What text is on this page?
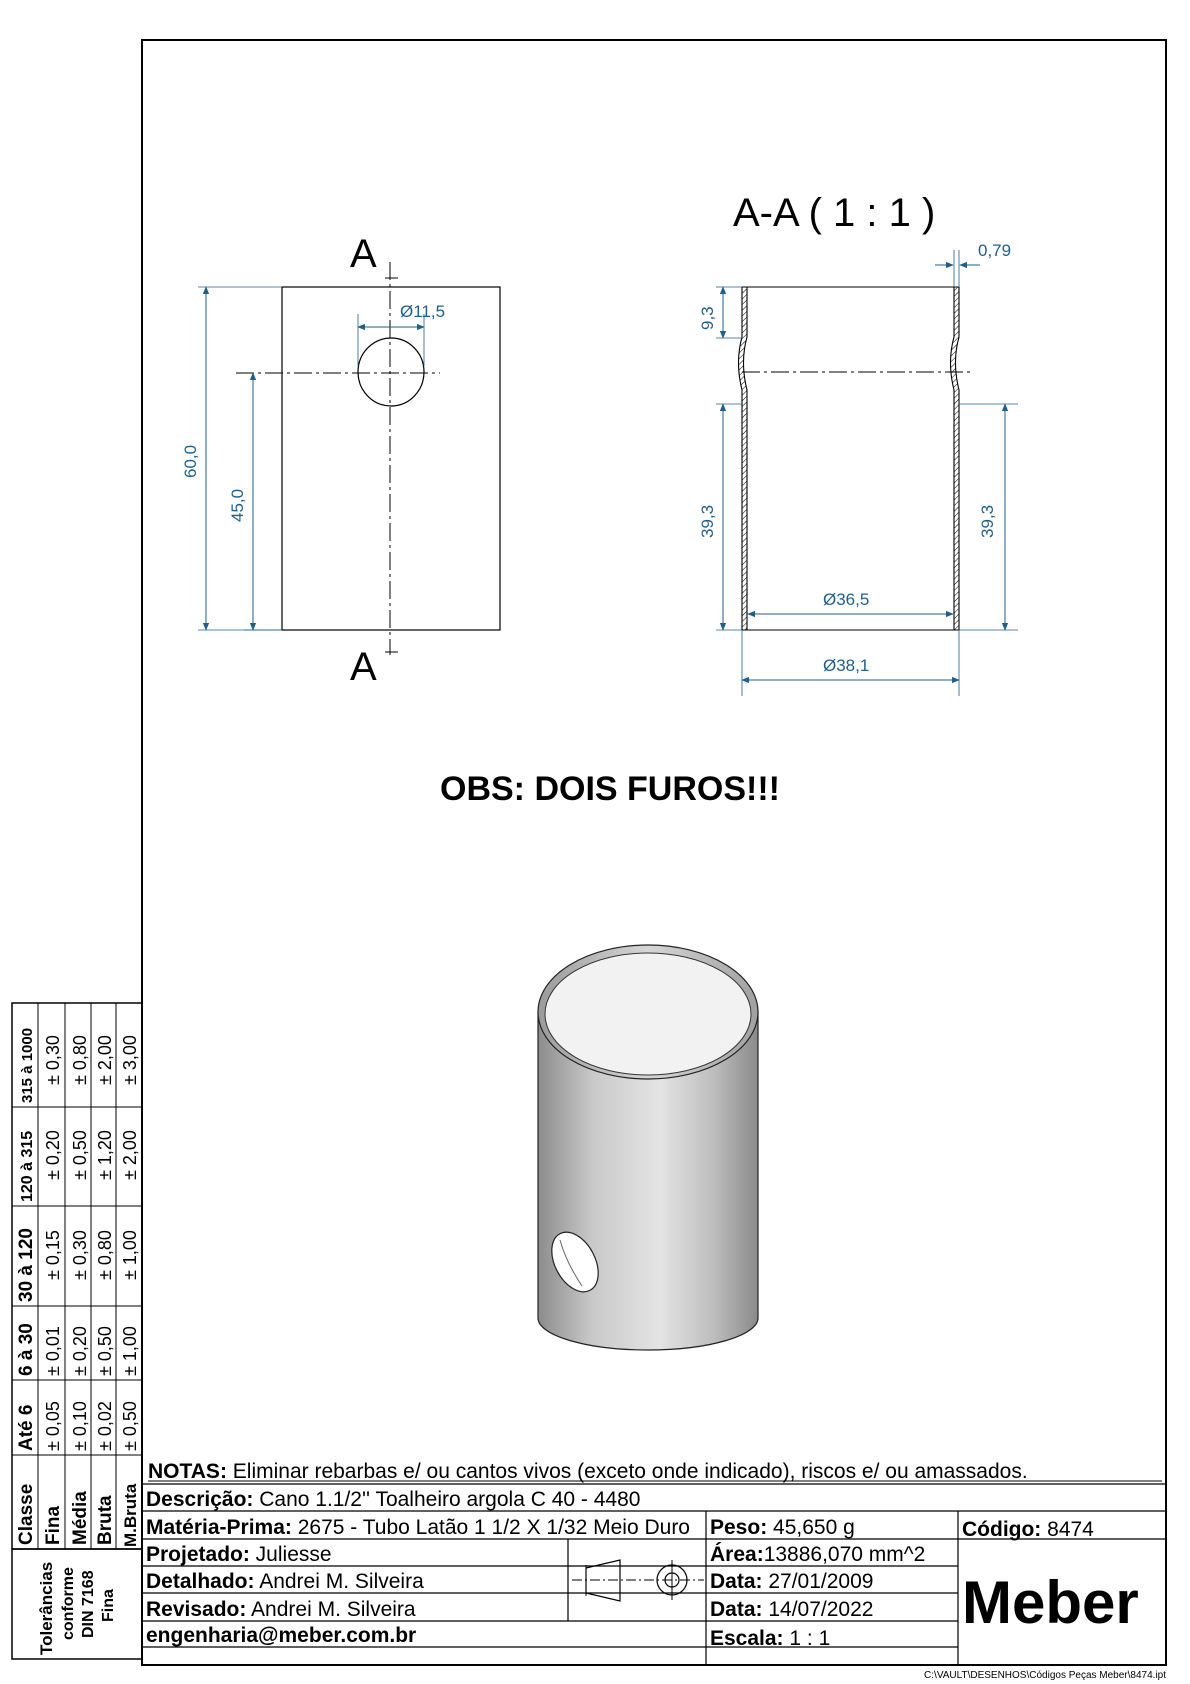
A
A
Ø11,5
60,0
45,0
A-A ( 1 : 1 )
0,79
9,3
39,3	39,3
Ø36,5
Ø38,1
OBS: DOIS FUROS!!!
Classe
Até 6
6 à 30
30 à 120
120 à 315
315 à 1000
Fina
± 0,05
± 0,01
± 0,15
± 0,20
± 0,30
Média
± 0,10
± 0,20
± 0,30
± 0,50
± 0,80
Bruta
± 0,02
± 0,50
± 0,80
± 1,20
± 2,00
M.Bruta
± 0,50
± 1,00
± 1,00
± 2,00
± 3,00
Tolerâncias conforme DIN 7168 Fina
NOTAS: Eliminar rebarbas e/ ou cantos vivos (exceto onde indicado), riscos e/ ou amassados.
Descrição: Cano 1.1/2'' Toalheiro argola C 40 - 4480
Matéria-Prima: 2675 - Tubo Latão 1 1/2 X 1/32 Meio Duro Peso: 45,650 g	Código: 8474
Projetado: Juliesse
Detalhado: Andrei M. Silveira
Revisado: Andrei M. Silveira
engenharia@meber.com.br
Área:13886,070 mm^2
Data: 27/01/2009
Data: 14/07/2022
Escala: 1 : 1
Meber
C:\VAULT\DESENHOS\Códigos Peças Meber\8474.ipt
